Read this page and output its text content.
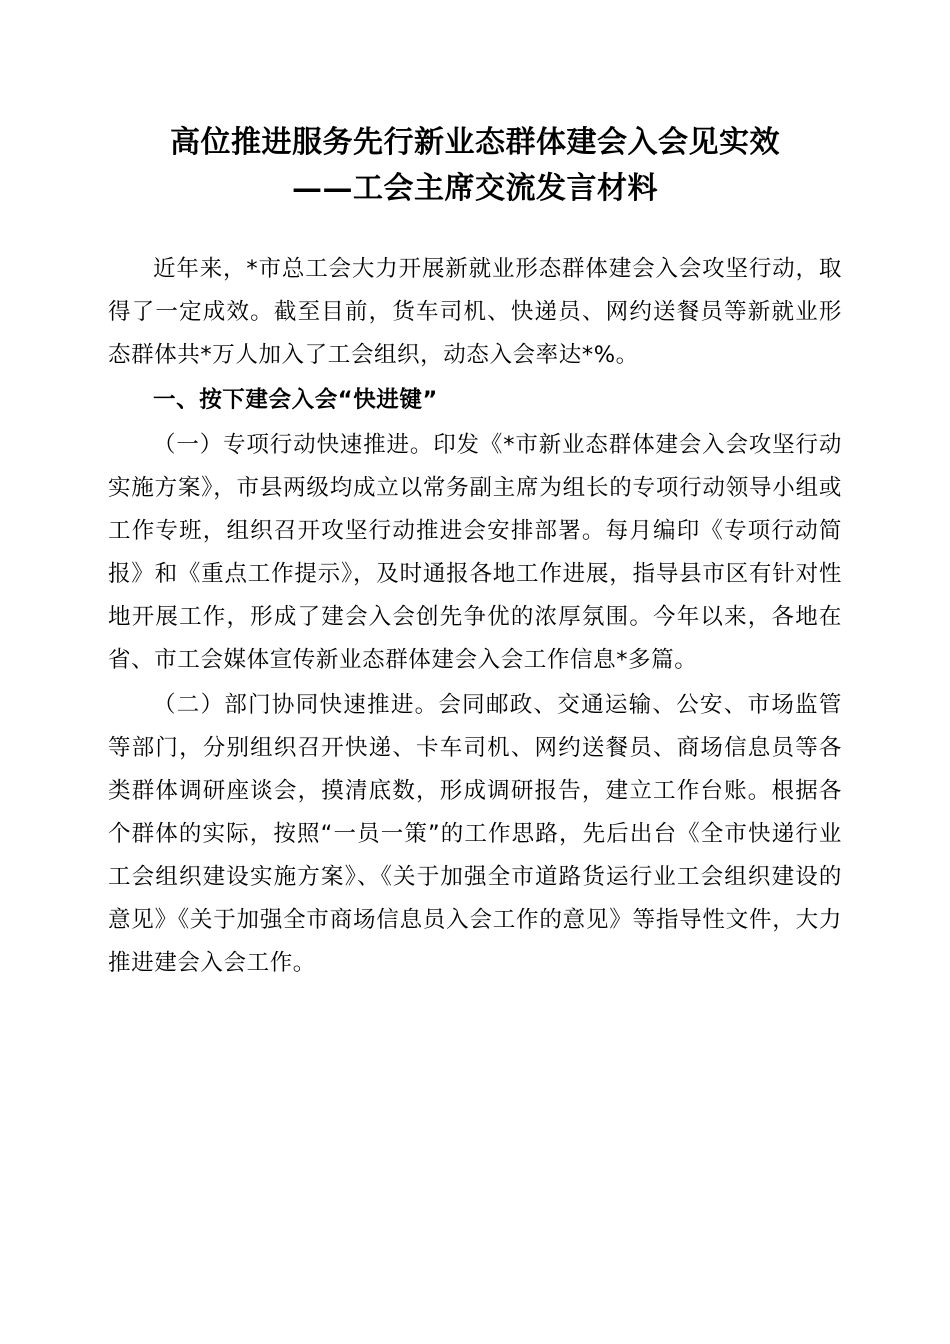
高位推进服务先行新业态群体建会入会见实效
——工会主席交流发言材料

近年来，*市总工会大力开展新就业形态群体建会入会攻坚行动，取得了一定成效。截至目前，货车司机、快递员、网约送餐员等新就业形态群体共*万人加入了工会组织，动态入会率达*%。

一、按下建会入会“快进键”

（一）专项行动快速推进。印发《*市新业态群体建会入会攻坚行动实施方案》，市县两级均成立以常务副主席为组长的专项行动领导小组或工作专班，组织召开攻坚行动推进会安排部署。每月编印《专项行动简报》和《重点工作提示》，及时通报各地工作进展，指导县市区有针对性地开展工作，形成了建会入会创先争优的浓厚氛围。今年以来，各地在省、市工会媒体宣传新业态群体建会入会工作信息*多篇。

（二）部门协同快速推进。会同邮政、交通运输、公安、市场监管等部门，分别组织召开快递、卡车司机、网约送餐员、商场信息员等各类群体调研座谈会，摸清底数，形成调研报告，建立工作台账。根据各个群体的实际，按照“一员一策”的工作思路，先后出台《全市快递行业工会组织建设实施方案》、《关于加强全市道路货运行业工会组织建设的意见》《关于加强全市商场信息员入会工作的意见》等指导性文件，大力推进建会入会工作。
